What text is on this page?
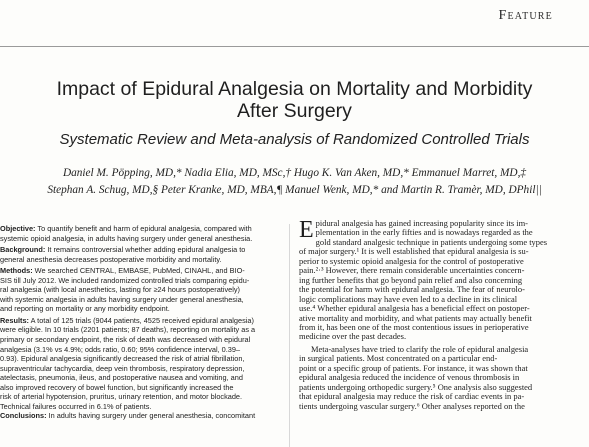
Feature
Impact of Epidural Analgesia on Mortality and Morbidity
After Surgery
Systematic Review and Meta-analysis of Randomized Controlled Trials
Daniel M. Pöpping, MD,* Nadia Elia, MD, MSc,† Hugo K. Van Aken, MD,* Emmanuel Marret, MD,‡
Stephan A. Schug, MD,§ Peter Kranke, MD, MBA,¶ Manuel Wenk, MD,* and Martin R. Tramèr, MD, DPhil||
Objective: To quantify benefit and harm of epidural analgesia, compared with
systemic opioid analgesia, in adults having surgery under general anesthesia.
Background: It remains controversial whether adding epidural analgesia to
general anesthesia decreases postoperative morbidity and mortality.
Methods: We searched CENTRAL, EMBASE, PubMed, CINAHL, and BIO-
SIS till July 2012. We included randomized controlled trials comparing epidu-
ral analgesia (with local anesthetics, lasting for ≥24 hours postoperatively)
with systemic analgesia in adults having surgery under general anesthesia,
and reporting on mortality or any morbidity endpoint.
Results: A total of 125 trials (9044 patients, 4525 received epidural analgesia)
were eligible. In 10 trials (2201 patients; 87 deaths), reporting on mortality as a
primary or secondary endpoint, the risk of death was decreased with epidural
analgesia (3.1% vs 4.9%; odds ratio, 0.60; 95% confidence interval, 0.39–
0.93). Epidural analgesia significantly decreased the risk of atrial fibrillation,
supraventricular tachycardia, deep vein thrombosis, respiratory depression,
atelectasis, pneumonia, ileus, and postoperative nausea and vomiting, and
also improved recovery of bowel function, but significantly increased the
risk of arterial hypotension, pruritus, urinary retention, and motor blockade.
Technical failures occurred in 6.1% of patients.
Conclusions: In adults having surgery under general anesthesia, concomitant
E pidural analgesia has gained increasing popularity since its im-
plementation in the early fifties and is nowadays regarded as the
gold standard analgesic technique in patients undergoing some types
of major surgery.¹ It is well established that epidural analgesia is su-
perior to systemic opioid analgesia for the control of postoperative
pain.²·³ However, there remain considerable uncertainties concern-
ing further benefits that go beyond pain relief and also concerning
the potential for harm with epidural analgesia. The fear of neurolo-
logic complications may have even led to a decline in its clinical
use.⁴ Whether epidural analgesia has a beneficial effect on postoper-
ative mortality and morbidity, and what patients may actually benefit
from it, has been one of the most contentious issues in perioperative
medicine over the past decades.
Meta-analyses have tried to clarify the role of epidural analgesia
in surgical patients. Most concentrated on a particular end-
point or a specific group of patients. For instance, it was shown that
epidural analgesia reduced the incidence of venous thrombosis in
patients undergoing orthopedic surgery.⁵ One analysis also suggested
that epidural analgesia may reduce the risk of cardiac events in pa-
tients undergoing vascular surgery.⁶ Other analyses reported on the
